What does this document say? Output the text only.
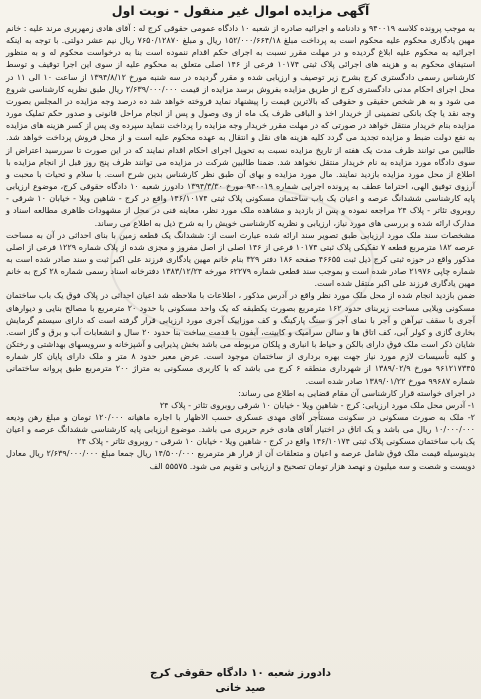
آگهی مزایده اموال غیر منقول - نوبت اول

به موجب پرونده کلاسه ۹۴۰۰۱۹ و دادنامه و اجرائیه صادره از شعبه ۱۰ دادگاه عمومی حقوقی کرج له : آقای هادی زمهریری مرند علیه : خانم مهین یادگاری محکوم علیه محکوم است به پرداخت مبلغ ۱۵۲/۰۰۰/۶۶۴/۱۸ ریال و مبلغ ۷۶۵۰/۱۲۸۷۰ ریال نیم عشر دولتی. با توجه به اینکه اجرائیه به محکوم علیه ابلاغ گردیده و در مهلت مقرر نسبت به اجرای حکم اقدام ننموده است بنا به درخواست محکوم له و به منظور استیفای محکوم به و هزینه های اجرائی پلاک ثبتی ۱۰۱۷۴ فرعی از ۱۴۶ اصلی متعلق به محکوم علیه از سوی این اجرا توقیف و توسط کارشناس رسمی دادگستری کرج بشرح زیر توصیف و ارزیابی شده و مقرر گردیده در سه شنبه مورخ ۱۳۹۴/۸/۱۲ از ساعت ۱۰ الی ۱۱ در محل اجرای احکام مدنی دادگستری کرج از طریق مزایده بفروش برسد مزایده از قیمت ۲/۶۳۹/۰۰۰/۰۰۰ ریال طبق نظریه کارشناسی شروع می شود و به هر شخص حقیقی و حقوقی که بالاترین قیمت را پیشنهاد نماید فروخته خواهد شد ده درصد وجه مزایده در المجلس بصورت وجه نقد یا چک بانکی تضمینی از خریدار اخذ و الباقی ظرف یک ماه از وی وصول و پس از انجام مراحل قانونی و صدور حکم تملیک مورد مزایده بنام خریدار منتقل خواهد در صورتی که در مهلت مقرر خریدار وجه مزایده را پرداخت ننماید سپرده وی پس از کسر هزینه های مزایده به نفع دولت ضبط و مزایده تجدید می گردد کلیه هزینه های نقل و انتقال به عهده محکوم علیه است و از محل فروش پرداخت خواهد شد. طالبین می توانند ظرف مدت یک هفته از تاریخ مزایده نسبت به تحویل اجرای احکام اقدام نمایند که در این صورت تا سررسید اعتراض از سوی دادگاه مورد مزایده به نام خریدار منتقل نخواهد شد. ضمنا طالبین شرکت در مزایده می توانند ظرف پنج روز قبل از انجام مزایده با اطلاع از محل مورد مزایده بازدید نمایند. مال مورد مزایده و بهای آن طبق نظر کارشناس بدین شرح است. با سلام و تحیات با محبت و آرزوی توفیق الهی، احتراما عطف به پرونده اجرایی شماره ۹۴۰۰۱۹ مورخ ۱۳۹۴/۳/۳۰ دادورز شعبه ۱۰ دادگاه حقوقی کرج، موضوع ارزیابی پایه کارشناسی ششدانگ عرصه و اعیان یک باب ساختمان مسکونی پلاک ثبتی ۱۴۶/۱۰۱۷۴ واقع در کرج - شاهین ویلا - خیابان ۱۰ شرقی - روبروی تئاتر - پلاک ۲۴ مراجعه نموده و پس از بازدید و مشاهده ملک مورد نظر، معاینه فنی در محل از مشهودات ظاهری مطالعه اسناد و مدارک ارائه شده و بررسی های مورد نیاز، ارزیابی و نظریه کارشناسی خویش را به شرح ذیل به اطلاع می رساند.

مشخصات سند ملک مورد ارزیابی طبق تصویر سند ارائه شده عبارت است از: ششدانگ یک قطعه زمین با بنای احداثی در آن به مساحت عرصه ۱۸۲ مترمربع قطعه ۷ تفکیکی پلاک ثبتی ۱۰۱۷۴ فرعی از ۱۴۶ اصلی از اصل مفروز و مجزی شده از پلاک شماره ۱۲۲۹ فرعی از اصلی مذکور واقع در حوزه ثبتی کرج ذیل ثبت ۴۶۶۵۵ صفحه ۱۸۶ دفتر ۳۲۹ بنام خانم مهین یادگاری فرزند علی اکبر ثبت و سند صادر شده است به شماره چاپی ۲۱۹۷۶ صادر شده است و بموجب سند قطعی شماره ۶۲۲۷۹ مورخه ۱۳۸۳/۱۲/۲۴ دفترخانه اسناد رسمی شماره ۲۸ کرج به خانم مهین یادگاری فرزند علی اکبر منتقل شده است.

ضمن بازدید انجام شده از محل ملک مورد نظر واقع در آدرس مذکور ، اطلاعات با ملاحظه شد اعیان احداثی در پلاک فوق یک باب ساختمان مسکونی ویلایی مساحت زیربنای حدود ۱۶۲ مترمربع بصورت یکطبقه که یک واحد مسکونی با حدود ۲۰ مترمربع با مصالح بنایی و دیوارهای آجری با سقف تیرآهن و آجر با نمای آجر و سنگ پارکینگ و کف موزاییک آجری مورد ارزیابی قرار گرفته است که دارای سیستم گرمایش بخاری گازی و کولر آبی، کف اتاق ها و سالن سرامیک و کابینت، آیفون با قدمت ساخت بنا حدود ۲۰ سال و انشعابات آب و برق و گاز است. شایان ذکر است ملک فوق دارای بالکن و حیاط با انباری و پلکان مربوطه می باشد بخش پذیرایی و آشپزخانه و سرویسهای بهداشتی و رختکن و کلیه تأسیسات لازم مورد نیاز جهت بهره برداری از ساختمان موجود است. عرض معبر حدود ۸ متر و ملک دارای پایان کار شماره ۹۶۱۲۱۷۳۴۵ مورخ ۱۳۸۹/۰۲/۹ از شهرداری منطقه ۶ کرج می باشد که با کاربری مسکونی به متراژ ۲۰۰ مترمربع طبق پروانه ساختمانی شماره ۹۹۶۸۷ مورخ ۱۳۸۹/۰۱/۲۲ صادر شده است.

در اجرای خواسته قرار کارشناسی آن مقام قضایی به اطلاع می رساند:

۱- آدرس محل ملک مورد ارزیابی: کرج - شاهین ویلا - خیابان ۱۰ شرقی روبروی تئاتر - پلاک ۲۴

۲- ملک به صورت مسکونی در سکونت مستأجر آقای مهدی عسکری حسب الاظهار با اجاره ماهیانه ۱۲۰/۰۰۰ تومان و مبلغ رهن ودیعه ۱۰/۰۰۰/۰۰۰ ریال می باشد و یک اتاق در اختیار آقای هادی خرم حریری می باشد. موضوع ارزیابی پایه کارشناسی ششدانگ عرصه و اعیان یک باب ساختمان مسکونی پلاک ثبتی ۱۴۶/۱۰۱۷۴ واقع در کرج - شاهین ویلا - خیابان ۱۰ شرقی - روبروی تئاتر - پلاک ۲۴

بدینوسیله قیمت ملک فوق شامل عرصه و اعیان و متعلقات آن از قرار هر مترمربع ۱۴/۵۰۰/۰۰۰ ریال جمعا مبلغ ۲/۶۳۹/۰۰۰/۰۰۰ ریال معادل دویست و شصت و سه میلیون و نهصد هزار تومان تصحیح و ارزیابی و تقویم می شود. ۵۵۵۷۵ الف

دادورز شعبه ۱۰ دادگاه حقوقی کرج
صید خانی
